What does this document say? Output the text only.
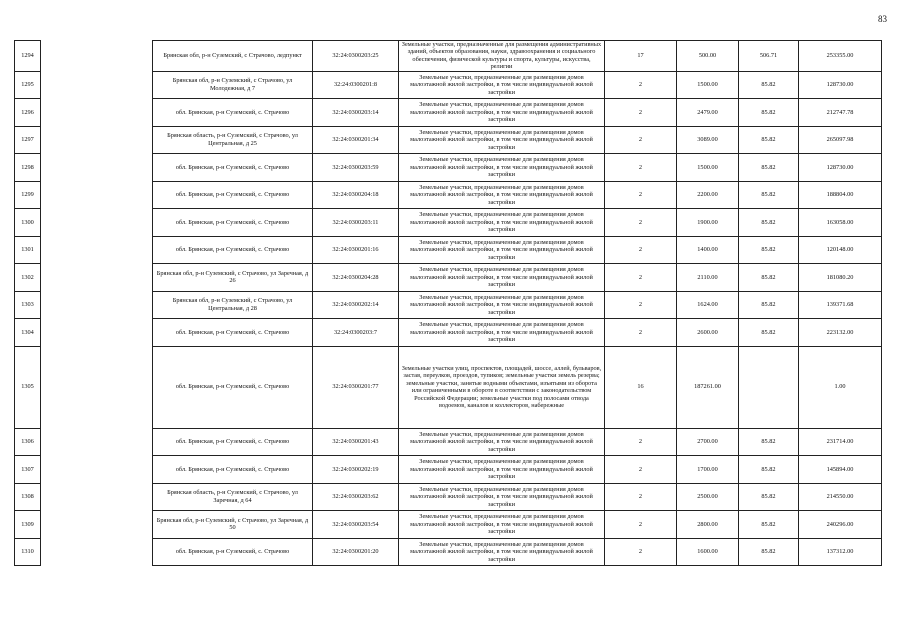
83
1294		Брянская обл, р-н Суземский, с Страчово, ледпункт	32:24:0300203:25	Земельные участки, предназначенные для размещения административных зданий, объектов образования, науки, здравоохранения и социального обеспечения, физической культуры и спорта, культуры, искусства, религии	17	500.00	506.71	253355.00
1295		Брянская обл, р-н Суземский, с Страчово, ул Молодежная, д 7	32:24:0300201:8	Земельные участки, предназначенные для размещения домов малоэтажной жилой застройки, в том числе индивидуальной жилой застройки	2	1500.00	85.82	128730.00
1296		обл. Брянская, р-н Суземский, с. Страчово	32:24:0300203:14	Земельные участки, предназначенные для размещения домов малоэтажной жилой застройки, в том числе индивидуальной жилой застройки	2	2479.00	85.82	212747.78
1297		Брянская область, р-н Суземский, с Страчово, ул Центральная, д 25	32:24:0300201:34	Земельные участки, предназначенные для размещения домов малоэтажной жилой застройки, в том числе индивидуальной жилой застройки	2	3089.00	85.82	265097.98
1298		обл. Брянская, р-н Суземский, с. Страчово	32:24:0300203:59	Земельные участки, предназначенные для размещения домов малоэтажной жилой застройки, в том числе индивидуальной жилой застройки	2	1500.00	85.82	128730.00
1299		обл. Брянская, р-н Суземский, с. Страчово	32:24:0300204:18	Земельные участки, предназначенные для размещения домов малоэтажной жилой застройки, в том числе индивидуальной жилой застройки	2	2200.00	85.82	188804.00
1300		обл. Брянская, р-н Суземский, с. Страчово	32:24:0300203:11	Земельные участки, предназначенные для размещения домов малоэтажной жилой застройки, в том числе индивидуальной жилой застройки	2	1900.00	85.82	163058.00
1301		обл. Брянская, р-н Суземский, с. Страчово	32:24:0300201:16	Земельные участки, предназначенные для размещения домов малоэтажной жилой застройки, в том числе индивидуальной жилой застройки	2	1400.00	85.82	120148.00
1302		Брянская обл, р-н Суземский, с Страчово, ул Заречная, д 26	32:24:0300204:28	Земельные участки, предназначенные для размещения домов малоэтажной жилой застройки, в том числе индивидуальной жилой застройки	2	2110.00	85.82	181080.20
1303		Брянская обл, р-н Суземский, с Страчово, ул Центральная, д 28	32:24:0300202:14	Земельные участки, предназначенные для размещения домов малоэтажной жилой застройки, в том числе индивидуальной жилой застройки	2	1624.00	85.82	139371.68
1304		обл. Брянская, р-н Суземский, с. Страчово	32:24:0300203:7	Земельные участки, предназначенные для размещения домов малоэтажной жилой застройки, в том числе индивидуальной жилой застройки	2	2600.00	85.82	223132.00
1305		обл. Брянская, р-н Суземский, с. Страчово	32:24:0300201:77	Земельные участки улиц, проспектов, площадей, шоссе, аллей, бульваров, застав, переулков, проездов, тупиков; земельные участки земель резерва; земельные участки, занятые водными объектами, изъятыми из оборота или ограниченными в обороте в соответствии с законодательством Российской Федерации; земельные участки под полосами отвода водоемов, каналов и коллекторов, набережные	16	187261.00		1.00
1306		обл. Брянская, р-н Суземский, с. Страчово	32:24:0300201:43	Земельные участки, предназначенные для размещения домов малоэтажной жилой застройки, в том числе индивидуальной жилой застройки	2	2700.00	85.82	231714.00
1307		обл. Брянская, р-н Суземский, с. Страчово	32:24:0300202:19	Земельные участки, предназначенные для размещения домов малоэтажной жилой застройки, в том числе индивидуальной жилой застройки	2	1700.00	85.82	145894.00
1308		Брянская область, р-н Суземский, с Страчово, ул Заречная, д 64	32:24:0300203:62	Земельные участки, предназначенные для размещения домов малоэтажной жилой застройки, в том числе индивидуальной жилой застройки	2	2500.00	85.82	214550.00
1309		Брянская обл, р-н Суземский, с Страчово, ул Заречная, д 50	32:24:0300203:54	Земельные участки, предназначенные для размещения домов малоэтажной жилой застройки, в том числе индивидуальной жилой застройки	2	2800.00	85.82	240296.00
1310		обл. Брянская, р-н Суземский, с. Страчово	32:24:0300201:20	Земельные участки, предназначенные для размещения домов малоэтажной жилой застройки, в том числе индивидуальной жилой застройки	2	1600.00	85.82	137312.00
